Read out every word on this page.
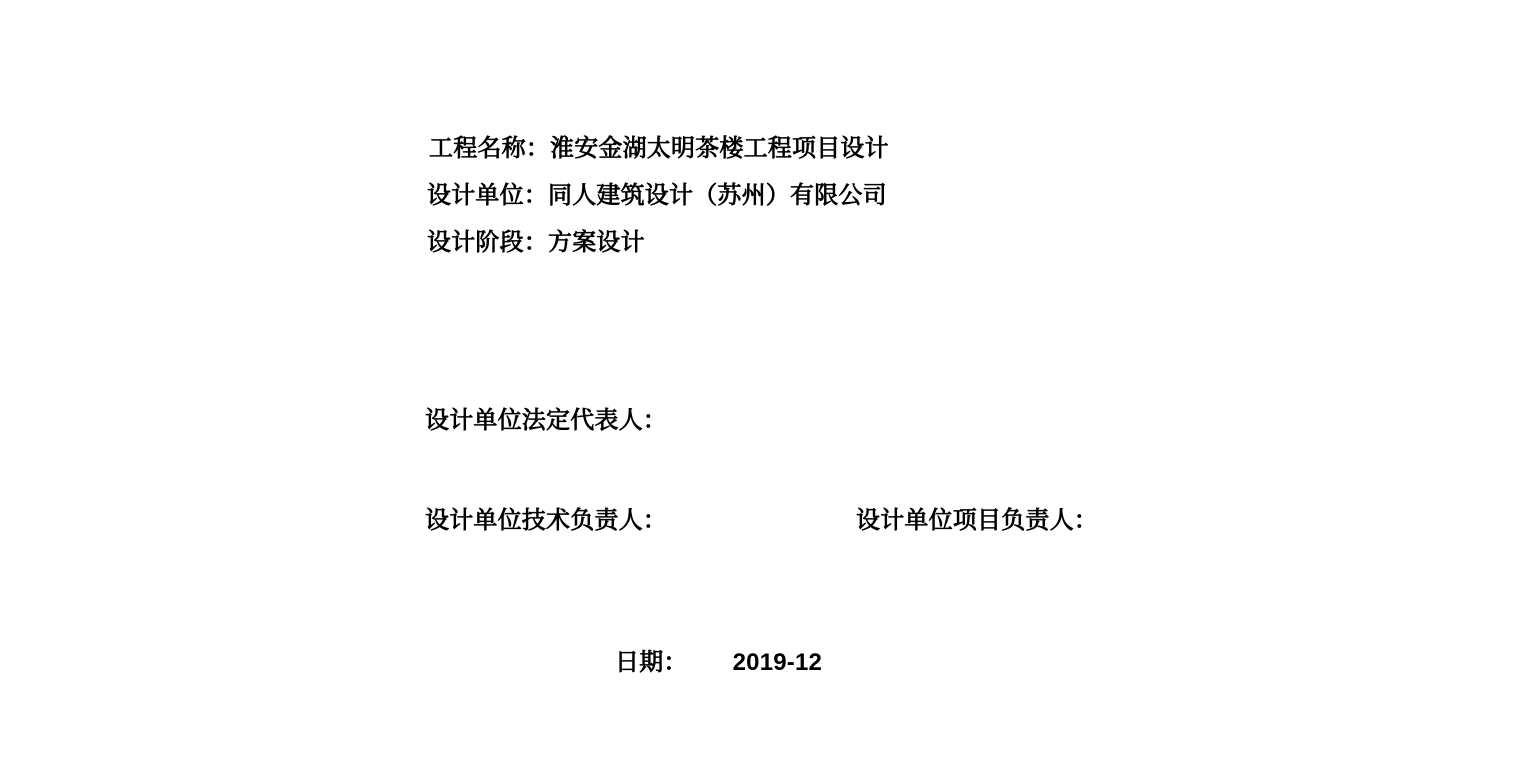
工程名称：淮安金湖太明茶楼工程项目设计
设计单位：同人建筑设计（苏州）有限公司
设计阶段：方案设计
设计单位法定代表人：
设计单位技术负责人：	设计单位项目负责人：
日期： 2019-12
